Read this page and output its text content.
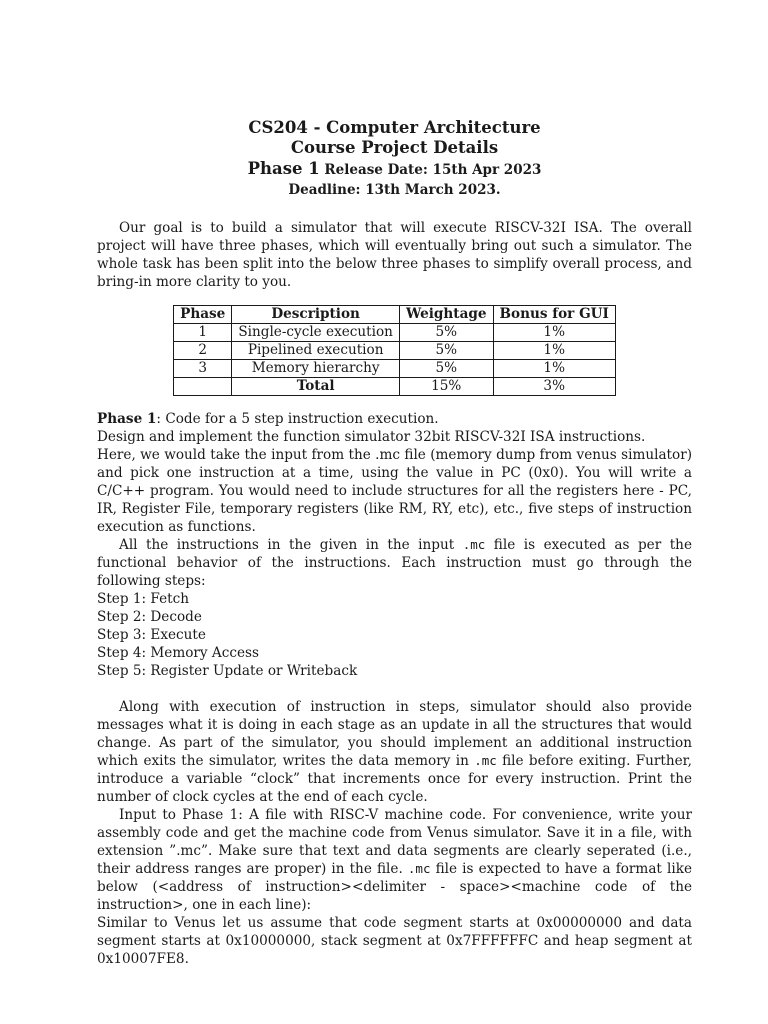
CS204 - Computer Architecture
Course Project Details
Phase 1 Release Date: 15th Apr 2023
Deadline: 13th March 2023.

Our goal is to build a simulator that will execute RISCV-32I ISA. The overall project will have three phases, which will eventually bring out such a simulator. The whole task has been split into the below three phases to simplify overall process, and bring-in more clarity to you.

Phase	Description	Weightage	Bonus for GUI
1	Single-cycle execution	5%	1%
2	Pipelined execution	5%	1%
3	Memory hierarchy	5%	1%
	Total	15%	3%

Phase 1: Code for a 5 step instruction execution.

Design and implement the function simulator 32bit RISCV-32I ISA instructions.

Here, we would take the input from the .mc file (memory dump from venus simulator) and pick one instruction at a time, using the value in PC (0x0). You will write a C/C++ program. You would need to include structures for all the registers here - PC, IR, Register File, temporary registers (like RM, RY, etc), etc., five steps of instruction execution as functions.

All the instructions in the given in the input .mc file is executed as per the functional behavior of the instructions. Each instruction must go through the following steps:

Step 1: Fetch
Step 2: Decode
Step 3: Execute
Step 4: Memory Access
Step 5: Register Update or Writeback

Along with execution of instruction in steps, simulator should also provide messages what it is doing in each stage as an update in all the structures that would change. As part of the simulator, you should implement an additional instruction which exits the simulator, writes the data memory in .mc file before exiting. Further, introduce a variable “clock” that increments once for every instruction. Print the number of clock cycles at the end of each cycle.

Input to Phase 1: A file with RISC-V machine code. For convenience, write your assembly code and get the machine code from Venus simulator. Save it in a file, with extension ”.mc”. Make sure that text and data segments are clearly seperated (i.e., their address ranges are proper) in the file. .mc file is expected to have a format like below (<address of instruction><delimiter - space><machine code of the instruction>, one in each line):

Similar to Venus let us assume that code segment starts at 0x00000000 and data segment starts at 0x10000000, stack segment at 0x7FFFFFFC and heap segment at 0x10007FE8.
